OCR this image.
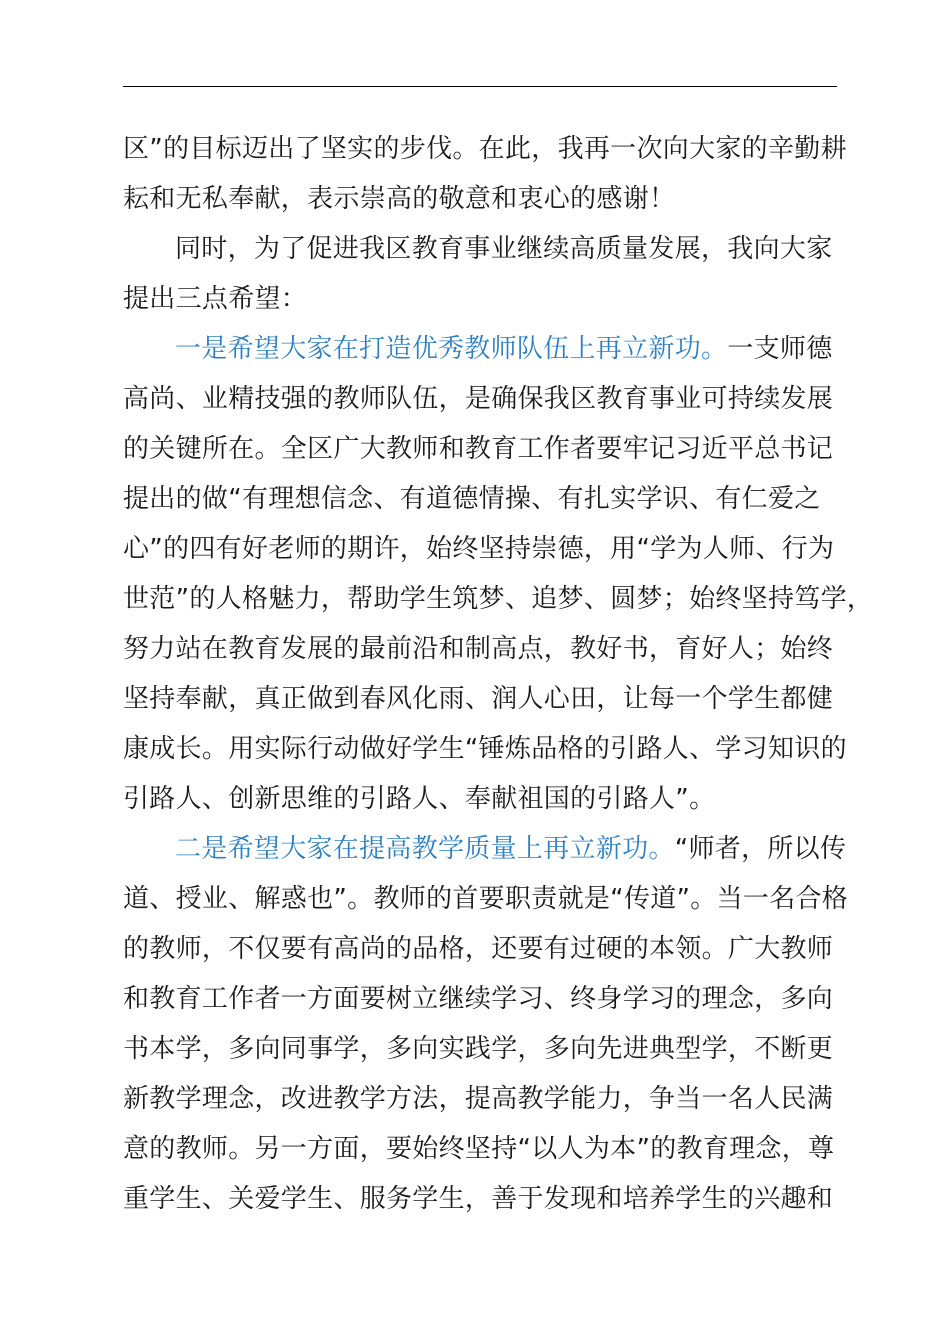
区”的目标迈出了坚实的步伐。在此，我再一次向大家的辛勤耕
耘和无私奉献，表示崇高的敬意和衷心的感谢！
同时，为了促进我区教育事业继续高质量发展，我向大家
提出三点希望：
一是希望大家在打造优秀教师队伍上再立新功。一支师德
高尚、业精技强的教师队伍，是确保我区教育事业可持续发展
的关键所在。全区广大教师和教育工作者要牢记习近平总书记
提出的做“有理想信念、有道德情操、有扎实学识、有仁爱之
心”的四有好老师的期许，始终坚持崇德，用“学为人师、行为
世范”的人格魅力，帮助学生筑梦、追梦、圆梦；始终坚持笃学，
努力站在教育发展的最前沿和制高点，教好书，育好人；始终
坚持奉献，真正做到春风化雨、润人心田，让每一个学生都健
康成长。用实际行动做好学生“锤炼品格的引路人、学习知识的
引路人、创新思维的引路人、奉献祖国的引路人”。
二是希望大家在提高教学质量上再立新功。“师者，所以传
道、授业、解惑也”。教师的首要职责就是“传道”。当一名合格
的教师，不仅要有高尚的品格，还要有过硬的本领。广大教师
和教育工作者一方面要树立继续学习、终身学习的理念，多向
书本学，多向同事学，多向实践学，多向先进典型学，不断更
新教学理念，改进教学方法，提高教学能力，争当一名人民满
意的教师。另一方面，要始终坚持“以人为本”的教育理念，尊
重学生、关爱学生、服务学生，善于发现和培养学生的兴趣和
